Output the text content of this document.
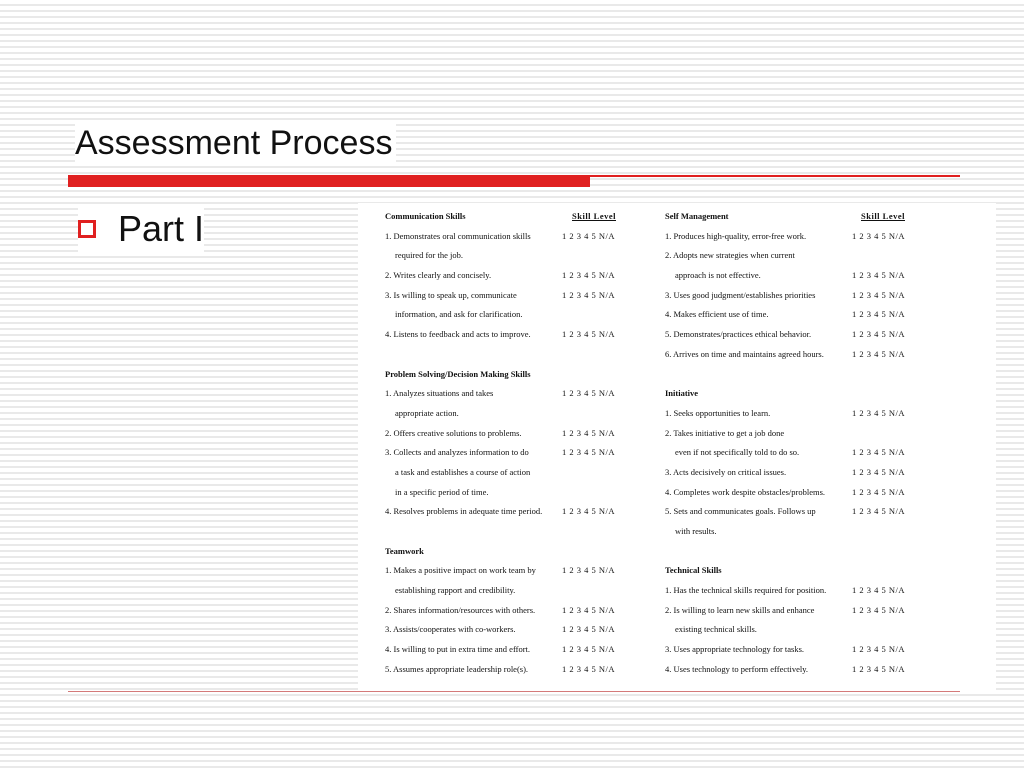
Assessment Process
Part I	Communication Skills	Skill Level
1. Demonstrates oral communication skills	1 2 3 4 5 N/A
required for the job.
2. Writes clearly and concisely.	1 2 3 4 5 N/A
3. Is willing to speak up, communicate	1 2 3 4 5 N/A
information, and ask for clarification.
4. Listens to feedback and acts to improve.	1 2 3 4 5 N/A
Problem Solving/Decision Making Skills
1. Analyzes situations and takes	1 2 3 4 5 N/A
appropriate action.
2. Offers creative solutions to problems.	1 2 3 4 5 N/A
3. Collects and analyzes information to do	1 2 3 4 5 N/A
a task and establishes a course of action
in a specific period of time.
4. Resolves problems in adequate time period. 1 2 3 4 5 N/A
Teamwork
1. Makes a positive impact on work team by	1 2 3 4 5 N/A
establishing rapport and credibility.
2. Shares information/resources with others.	1 2 3 4 5 N/A
3. Assists/cooperates with co-workers.	1 2 3 4 5 N/A
4. Is willing to put in extra time and effort.	1 2 3 4 5 N/A
5. Assumes appropriate leadership role(s).	1 2 3 4 5 N/A
Self Management	Skill Level
1. Produces high-quality, error-free work.	1 2 3 4 5 N/A
2. Adopts new strategies when current
approach is not effective.	1 2 3 4 5 N/A
3. Uses good judgment/establishes priorities	1 2 3 4 5 N/A
4. Makes efficient use of time.	1 2 3 4 5 N/A
5. Demonstrates/practices ethical behavior.	1 2 3 4 5 N/A
6. Arrives on time and maintains agreed hours.	1 2 3 4 5 N/A
Initiative
1. Seeks opportunities to learn.	1 2 3 4 5 N/A
2. Takes initiative to get a job done
even if not specifically told to do so.	1 2 3 4 5 N/A
3. Acts decisively on critical issues.	1 2 3 4 5 N/A
4. Completes work despite obstacles/problems.	1 2 3 4 5 N/A
5. Sets and communicates goals. Follows up	1 2 3 4 5 N/A
with results.
Technical Skills
1. Has the technical skills required for position.	1 2 3 4 5 N/A
2. Is willing to learn new skills and enhance	1 2 3 4 5 N/A
existing technical skills.
3. Uses appropriate technology for tasks.	1 2 3 4 5 N/A
4. Uses technology to perform effectively.	1 2 3 4 5 N/A
